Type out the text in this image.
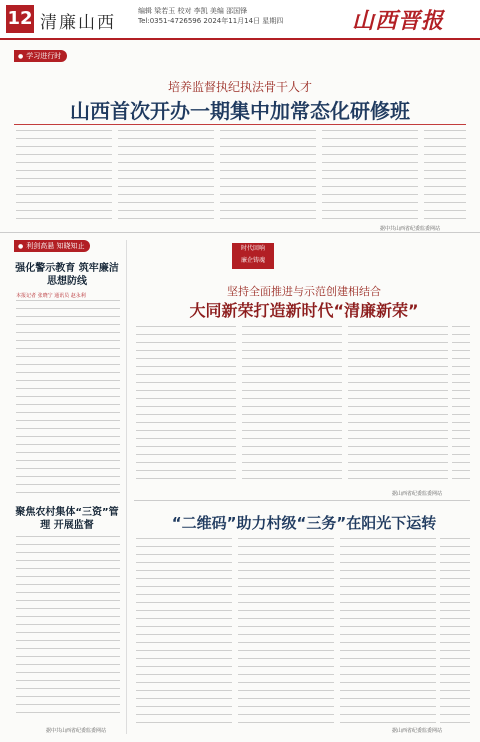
12 清廉山西
编辑 梁若玉 校对 李凯 美编 邵国锋
Tel:0351-4726596 2024年11月14日 星期四	山西晋报
● 学习进行时
培养监督执纪执法骨干人才
山西首次开办一期集中加常态化研修班
据中共山西省纪委监委网站
● 利剑高悬 知晓知止
强化警示教育 筑牢廉洁思想防线
本报记者 张晓宁 通讯员 赵永利
聚焦农村集体“三资”管理 开展监督
据中共山西省纪委监委网站
时代回响
廉企铸魂
坚持全面推进与示范创建相结合
大同新荣打造新时代“清廉新荣”
据山西省纪委监委网站
“二维码”助力村级“三务”在阳光下运转
据山西省纪委监委网站
